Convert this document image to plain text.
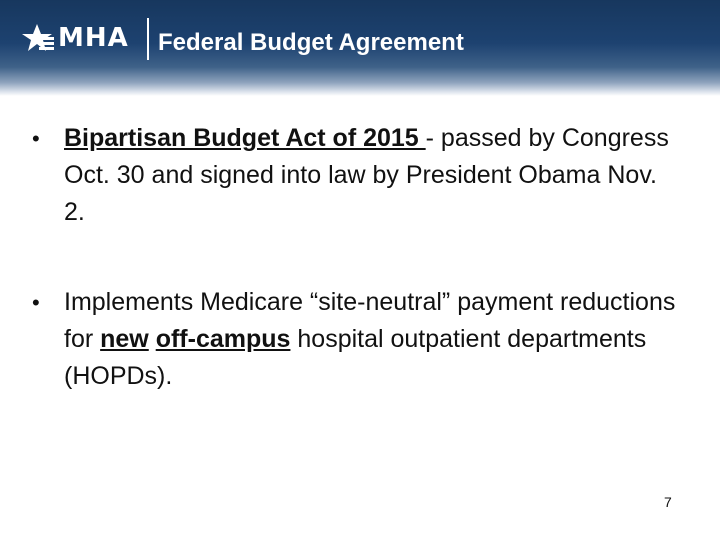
MHA Federal Budget Agreement
• Bipartisan Budget Act of 2015 - passed by Congress Oct. 30 and signed into law by President Obama Nov. 2.
• Implements Medicare “site-neutral” payment reductions for new off-campus hospital outpatient departments (HOPDs).
7
